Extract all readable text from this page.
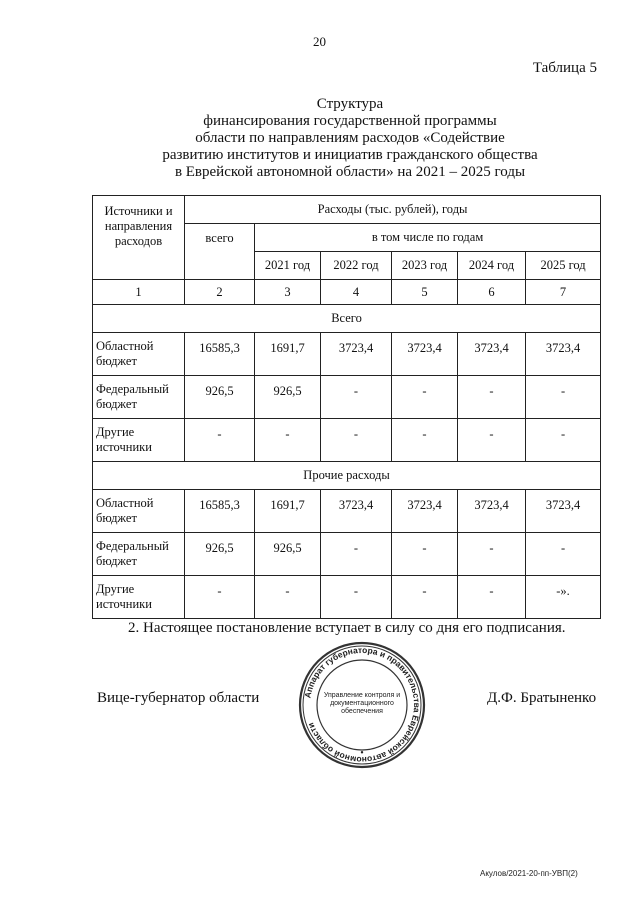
20
Таблица 5
Структура
финансирования государственной программы
области по направлениям расходов «Содействие
развитию институтов и инициатив гражданского общества
в Еврейской автономной области» на 2021 – 2025 годы
Источники и
направления
расходов	Расходы (тыс. рублей), годы					
	всего	в том числе по годам				
		2021 год	2022 год	2023 год	2024 год	2025 год
1	2	3	4	5	6	7
Всего						

Областной
бюджет	16585,3	1691,7	3723,4	3723,4	3723,4	3723,4

Федеральный
бюджет	926,5	926,5	-	-	-	-

Другие
источники	-	-	-	-	-	-
Прочие расходы						

Областной
бюджет	16585,3	1691,7	3723,4	3723,4	3723,4	3723,4

Федеральный
бюджет	926,5	926,5	-	-	-	-

Другие
источники	-	-	-	-	-	-».
2. Настоящее постановление вступает в силу со дня его подписания.
Вице-губернатор области	Д.Ф. Братыненко
Аппарат губернатора и правительства Еврейской автономной области
•
Управление контроля и
документационного
обеспечения
Акулов/2021-20-пп-УВП(2)
